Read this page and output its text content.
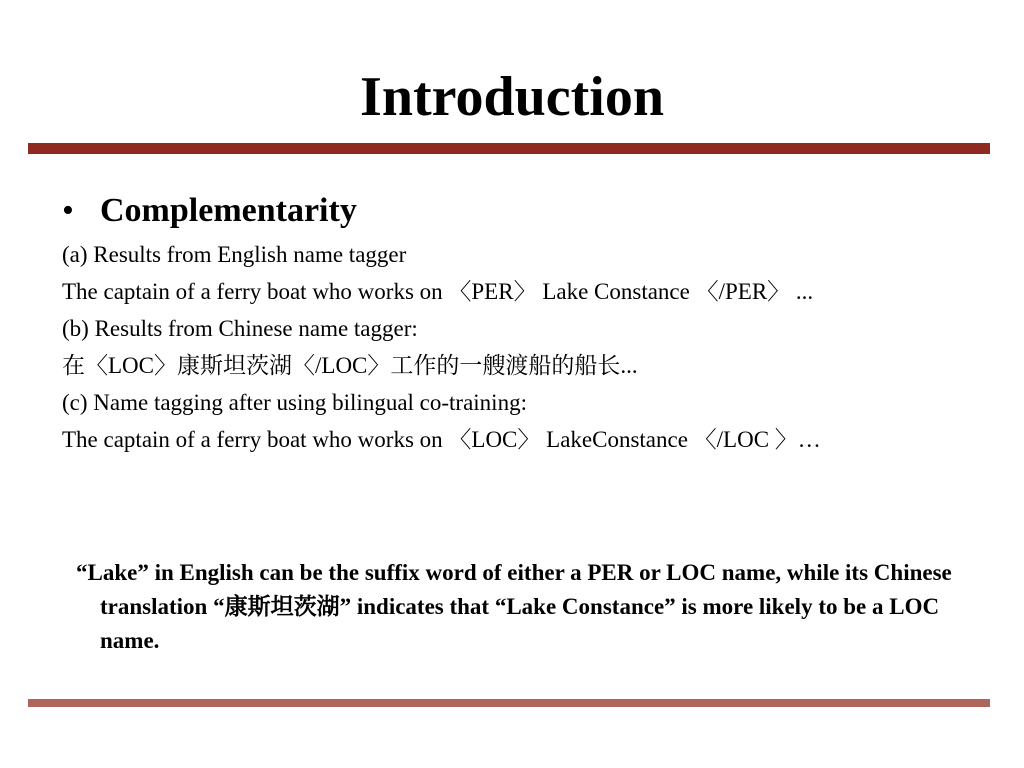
Introduction
• Complementarity
(a) Results from English name tagger
The captain of a ferry boat who works on 〈PER〉 Lake Constance 〈/PER〉 ...
(b) Results from Chinese name tagger:
在〈LOC〉康斯坦茨湖〈/LOC〉工作的一艘渡船的船长...
(c) Name tagging after using bilingual co-training:
The captain of a ferry boat who works on 〈LOC〉 LakeConstance 〈/LOC 〉…
“Lake” in English can be the suffix word of either a PER or LOC name, while its Chinese translation “康斯坦茨湖” indicates that “Lake Constance” is more likely to be a LOC name.
